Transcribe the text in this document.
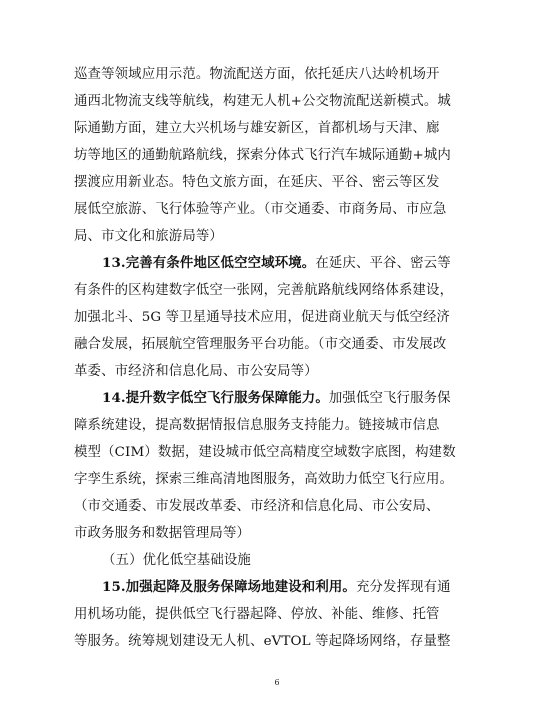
巡查等领域应用示范。物流配送方面，依托延庆八达岭机场开
通西北物流支线等航线，构建无人机+公交物流配送新模式。城
际通勤方面，建立大兴机场与雄安新区，首都机场与天津、廊
坊等地区的通勤航路航线，探索分体式飞行汽车城际通勤+城内
摆渡应用新业态。特色文旅方面，在延庆、平谷、密云等区发
展低空旅游、飞行体验等产业。（市交通委、市商务局、市应急
局、市文化和旅游局等）
13.完善有条件地区低空空域环境。在延庆、平谷、密云等
有条件的区构建数字低空一张网，完善航路航线网络体系建设，
加强北斗、5G 等卫星通导技术应用，促进商业航天与低空经济
融合发展，拓展航空管理服务平台功能。（市交通委、市发展改
革委、市经济和信息化局、市公安局等）
14.提升数字低空飞行服务保障能力。加强低空飞行服务保
障系统建设，提高数据情报信息服务支持能力。链接城市信息
模型（CIM）数据，建设城市低空高精度空域数字底图，构建数
字孪生系统，探索三维高清地图服务，高效助力低空飞行应用。
（市交通委、市发展改革委、市经济和信息化局、市公安局、
市政务服务和数据管理局等）
（五）优化低空基础设施
15.加强起降及服务保障场地建设和利用。充分发挥现有通
用机场功能，提供低空飞行器起降、停放、补能、维修、托管
等服务。统筹规划建设无人机、eVTOL 等起降场网络，存量整
6
